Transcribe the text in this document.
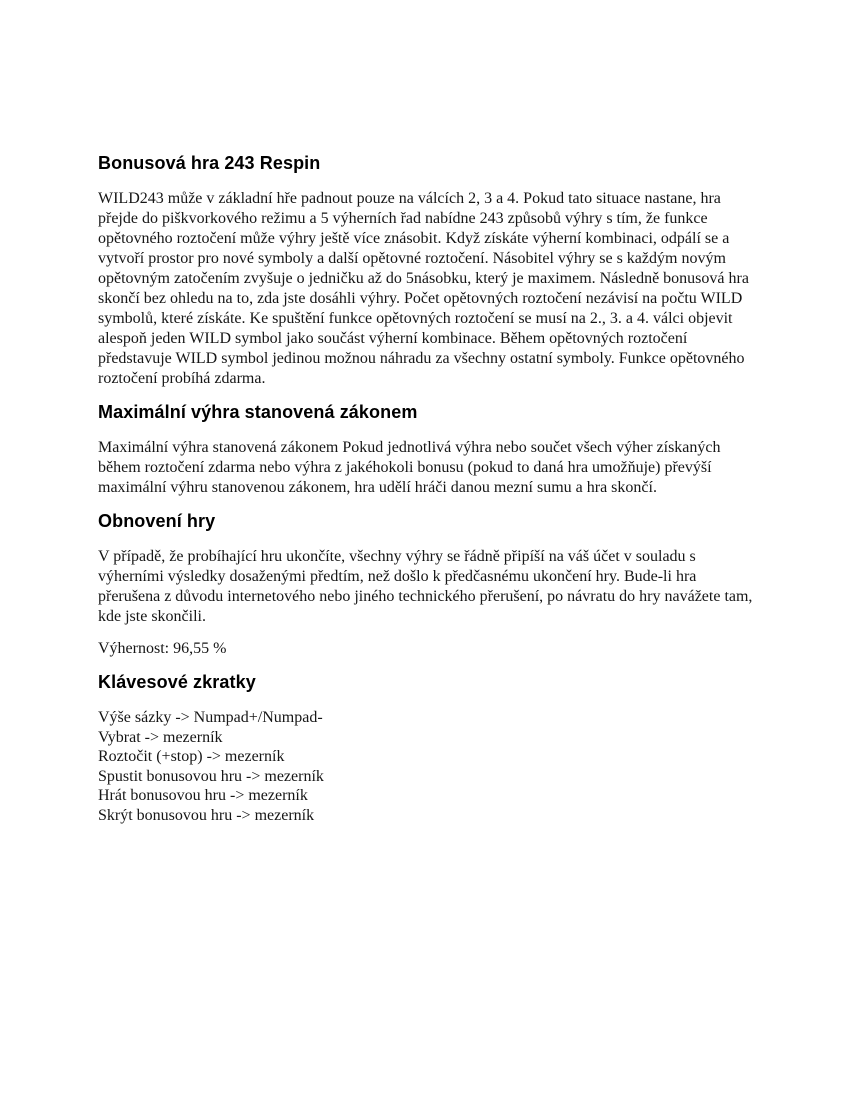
Bonusová hra 243 Respin

WILD243 může v základní hře padnout pouze na válcích 2, 3 a 4. Pokud tato situace nastane, hra přejde do piškvorkového režimu a 5 výherních řad nabídne 243 způsobů výhry s tím, že funkce opětovného roztočení může výhry ještě více znásobit. Když získáte výherní kombinaci, odpálí se a vytvoří prostor pro nové symboly a další opětovné roztočení. Násobitel výhry se s každým novým opětovným zatočením zvyšuje o jedničku až do 5násobku, který je maximem. Následně bonusová hra skončí bez ohledu na to, zda jste dosáhli výhry. Počet opětovných roztočení nezávisí na počtu WILD symbolů, které získáte. Ke spuštění funkce opětovných roztočení se musí na 2., 3. a 4. válci objevit alespoň jeden WILD symbol jako součást výherní kombinace. Během opětovných roztočení představuje WILD symbol jedinou možnou náhradu za všechny ostatní symboly. Funkce opětovného roztočení probíhá zdarma.

Maximální výhra stanovená zákonem

Maximální výhra stanovená zákonem Pokud jednotlivá výhra nebo součet všech výher získaných během roztočení zdarma nebo výhra z jakéhokoli bonusu (pokud to daná hra umožňuje) převýší maximální výhru stanovenou zákonem, hra udělí hráči danou mezní sumu a hra skončí.

Obnovení hry

V případě, že probíhající hru ukončíte, všechny výhry se řádně připíší na váš účet v souladu s výherními výsledky dosaženými předtím, než došlo k předčasnému ukončení hry. Bude-li hra přerušena z důvodu internetového nebo jiného technického přerušení, po návratu do hry navážete tam, kde jste skončili.

Výhernost: 96,55 %

Klávesové zkratky
Výše sázky -> Numpad+/Numpad-
Vybrat -> mezerník
Roztočit (+stop) -> mezerník
Spustit bonusovou hru -> mezerník
Hrát bonusovou hru -> mezerník
Skrýt bonusovou hru -> mezerník
